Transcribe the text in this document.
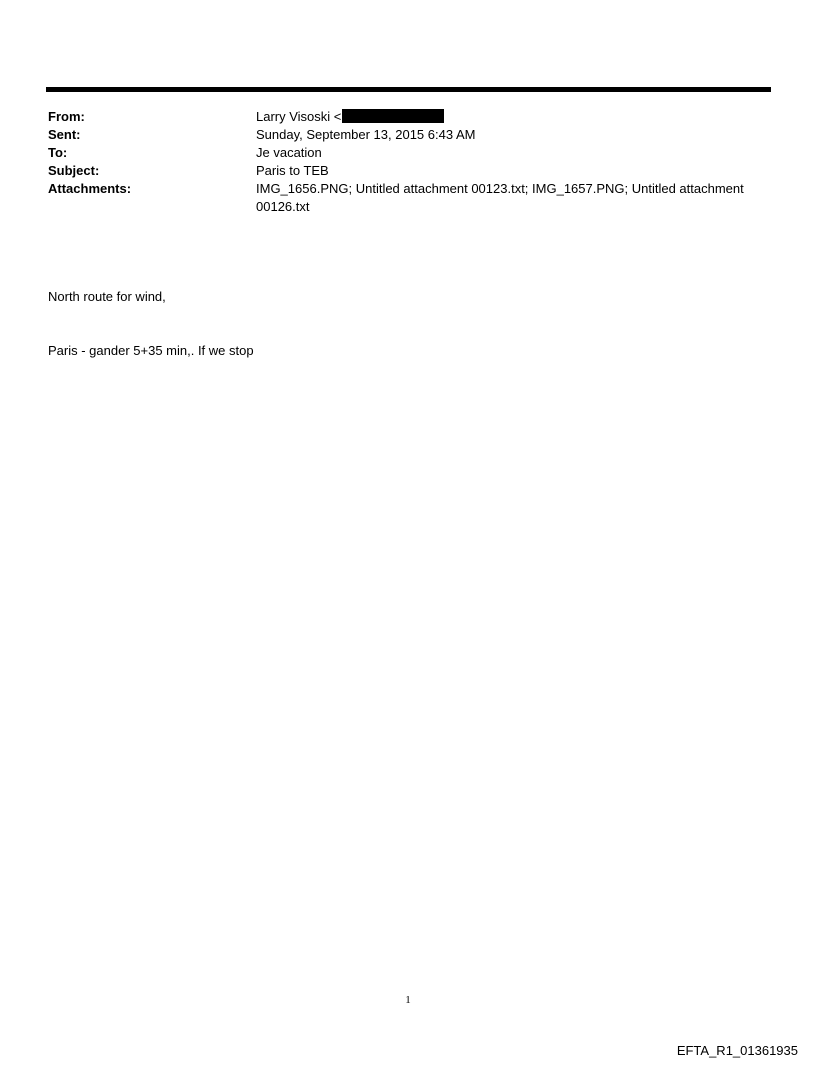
From:	Larry Visoski <
Sent:	Sunday, September 13, 2015 6:43 AM
To:	Je vacation
Subject:	Paris to TEB
Attachments:	IMG_1656.PNG; Untitled attachment 00123.txt; IMG_1657.PNG; Untitled attachment 00126.txt

North route for wind,

Paris - gander 5+35 min,. If we stop

1
EFTA_R1_01361935
